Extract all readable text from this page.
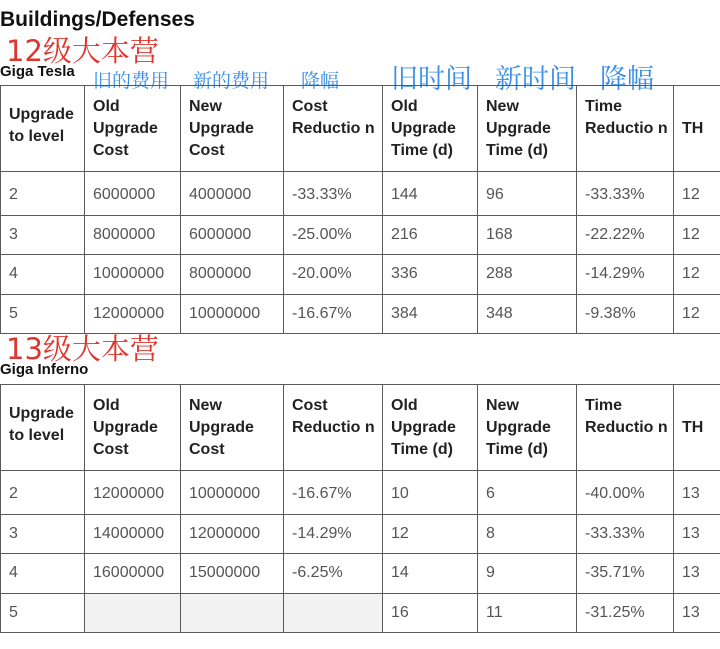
Buildings/Defenses
Giga Tesla
12级大本营
旧的费用 新的费用 降幅 旧时间 新时间 降幅
Upgrade to level	Old Upgrade Cost	New Upgrade Cost	Cost Reductio n	Old Upgrade Time (d)	New Upgrade Time (d)	Time Reductio n	TH
2	6000000	4000000	-33.33%	144	96	-33.33%	12
3	8000000	6000000	-25.00%	216	168	-22.22%	12
4	10000000	8000000	-20.00%	336	288	-14.29%	12
5	12000000	10000000	-16.67%	384	348	-9.38%	12
Giga Inferno
13级大本营
Upgrade to level	Old Upgrade Cost	New Upgrade Cost	Cost Reductio n	Old Upgrade Time (d)	New Upgrade Time (d)	Time Reductio n	TH
2	12000000	10000000	-16.67%	10	6	-40.00%	13
3	14000000	12000000	-14.29%	12	8	-33.33%	13
4	16000000	15000000	-6.25%	14	9	-35.71%	13
5				16	11	-31.25%	13
